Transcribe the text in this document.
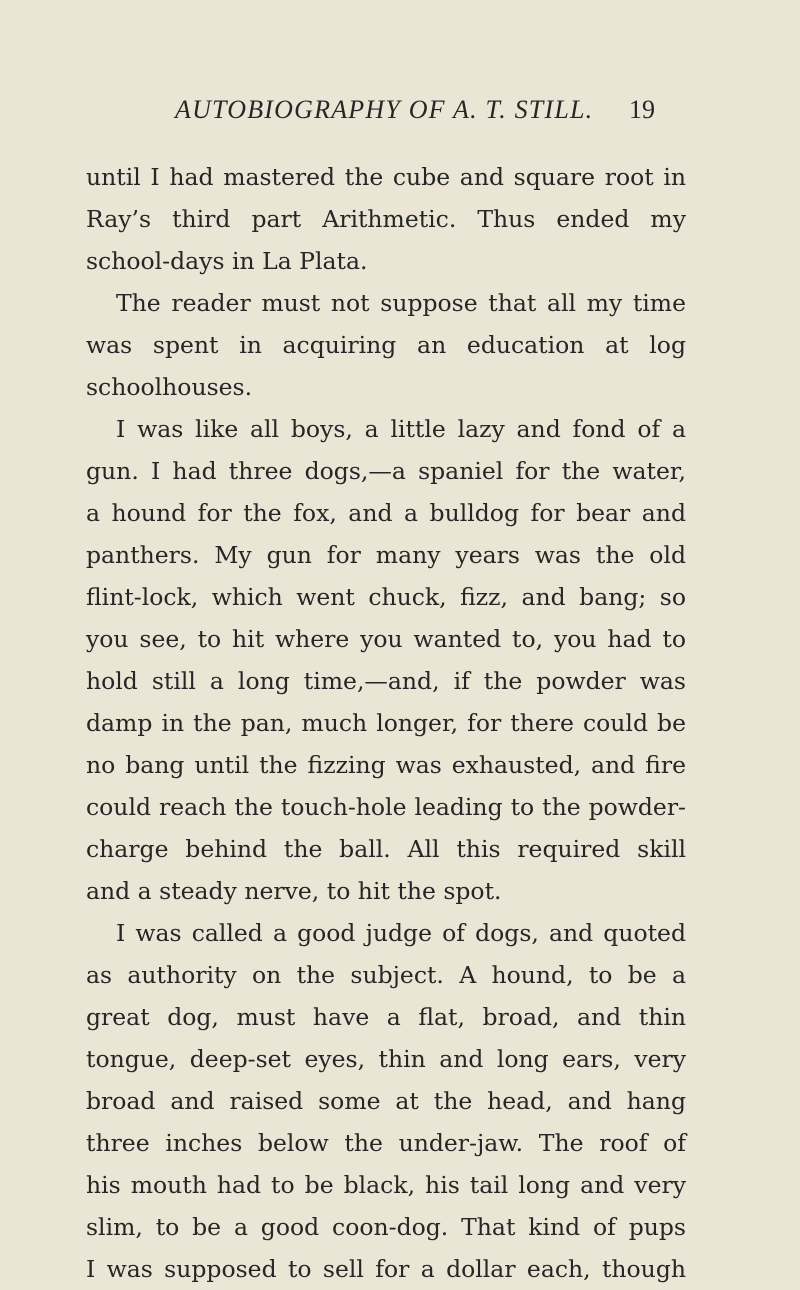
AUTOBIOGRAPHY OF A. T. STILL. 19
until I had mastered the cube and square root in
Ray’s third part Arithmetic. Thus ended my
school-days in La Plata.
The reader must not suppose that all my time
was spent in acquiring an education at log
schoolhouses.
I was like all boys, a little lazy and fond of a
gun. I had three dogs,—a spaniel for the water,
a hound for the fox, and a bulldog for bear and
panthers. My gun for many years was the old
flint-lock, which went chuck, fizz, and bang; so
you see, to hit where you wanted to, you had to
hold still a long time,—and, if the powder was
damp in the pan, much longer, for there could be
no bang until the fizzing was exhausted, and fire
could reach the touch-hole leading to the powder-
charge behind the ball. All this required skill
and a steady nerve, to hit the spot.
I was called a good judge of dogs, and quoted
as authority on the subject. A hound, to be a
great dog, must have a flat, broad, and thin
tongue, deep-set eyes, thin and long ears, very
broad and raised some at the head, and hang
three inches below the under-jaw. The roof of
his mouth had to be black, his tail long and very
slim, to be a good coon-dog. That kind of pups
I was supposed to sell for a dollar each, though
